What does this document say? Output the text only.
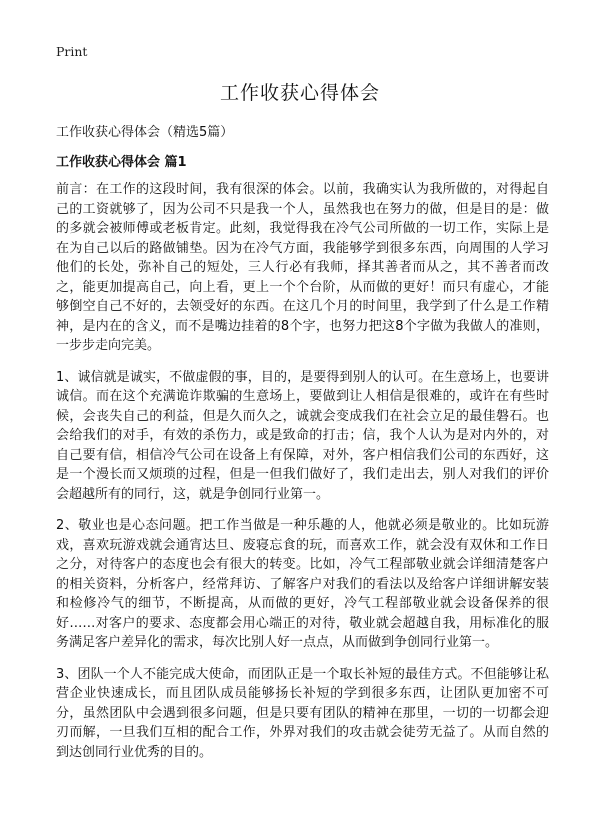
Print
工作收获心得体会

工作收获心得体会（精选5篇）

工作收获心得体会 篇1

前言：在工作的这段时间，我有很深的体会。以前，我确实认为我所做的，对得起自己的工资就够了，因为公司不只是我一个人，虽然我也在努力的做，但是目的是：做的多就会被师傅或老板肯定。此刻，我觉得我在冷气公司所做的一切工作，实际上是在为自己以后的路做铺垫。因为在冷气方面，我能够学到很多东西，向周围的人学习他们的长处，弥补自己的短处，三人行必有我师，择其善者而从之，其不善者而改之，能更加提高自己，向上看，更上一个个台阶，从而做的更好！而只有虚心，才能够倒空自己不好的，去领受好的东西。在这几个月的时间里，我学到了什么是工作精神，是内在的含义，而不是嘴边挂着的8个字，也努力把这8个字做为我做人的准则，一步步走向完美。

1、诚信就是诚实，不做虚假的事，目的，是要得到别人的认可。在生意场上，也要讲诚信。而在这个充满诡诈欺骗的生意场上，要做到让人相信是很难的，或许在有些时候，会丧失自己的利益，但是久而久之，诚就会变成我们在社会立足的最佳磐石。也会给我们的对手，有效的杀伤力，或是致命的打击；信，我个人认为是对内外的，对自己要有信，相信冷气公司在设备上有保障，对外，客户相信我们公司的东西好，这是一个漫长而又烦琐的过程，但是一但我们做好了，我们走出去，别人对我们的评价会超越所有的同行，这，就是争创同行业第一。

2、敬业也是心态问题。把工作当做是一种乐趣的人，他就必须是敬业的。比如玩游戏，喜欢玩游戏就会通宵达旦、废寝忘食的玩，而喜欢工作，就会没有双休和工作日之分，对待客户的态度也会有很大的转变。比如，冷气工程部敬业就会详细清楚客户的相关资料，分析客户，经常拜访、了解客户对我们的看法以及给客户详细讲解安装和检修冷气的细节，不断提高，从而做的更好，冷气工程部敬业就会设备保养的很好……对客户的要求、态度都会用心端正的对待，敬业就会超越自我，用标准化的服务满足客户差异化的需求，每次比别人好一点点，从而做到争创同行业第一。

3、团队一个人不能完成大使命，而团队正是一个取长补短的最佳方式。不但能够让私营企业快速成长，而且团队成员能够扬长补短的学到很多东西，让团队更加密不可分，虽然团队中会遇到很多问题，但是只要有团队的精神在那里，一切的一切都会迎刃而解，一旦我们互相的配合工作，外界对我们的攻击就会徒劳无益了。从而自然的到达创同行业优秀的目的。
